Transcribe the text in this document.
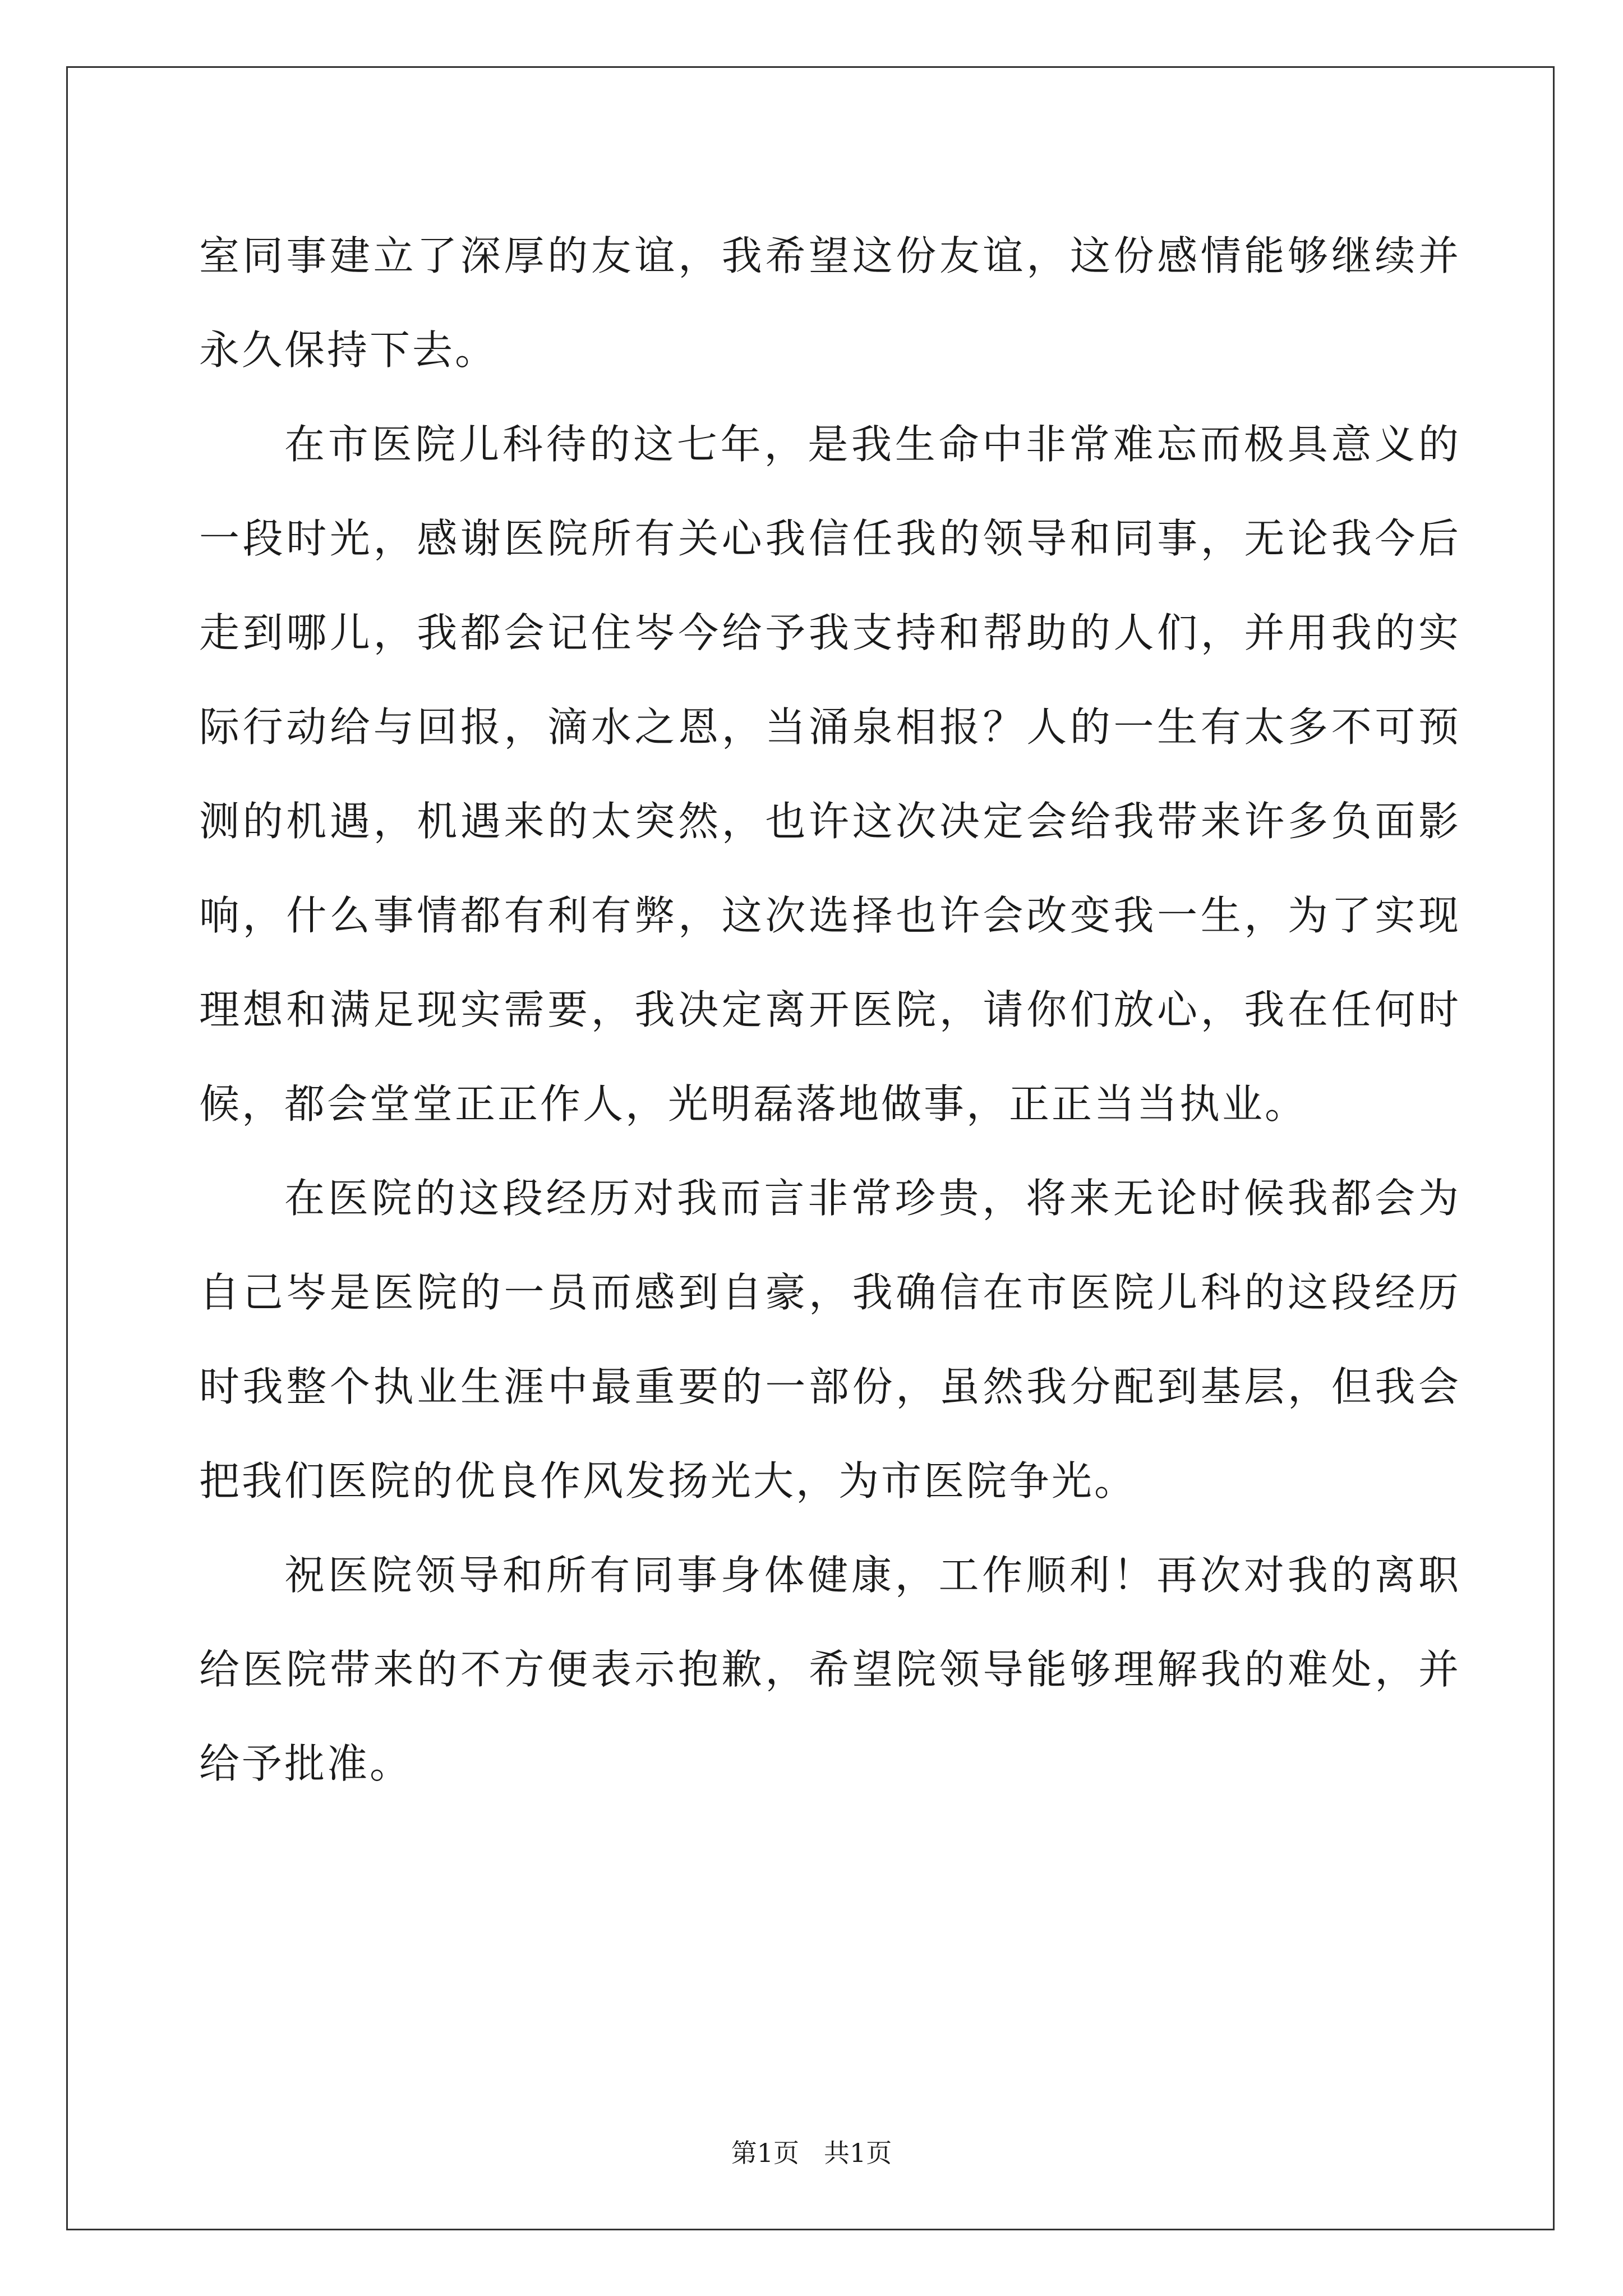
室同事建立了深厚的友谊，我希望这份友谊，这份感情能够继续并永久保持下去。

在市医院儿科待的这七年，是我生命中非常难忘而极具意义的一段时光，感谢医院所有关心我信任我的领导和同事，无论我今后走到哪儿，我都会记住岑今给予我支持和帮助的人们，并用我的实际行动给与回报，滴水之恩，当涌泉相报？人的一生有太多不可预测的机遇，机遇来的太突然，也许这次决定会给我带来许多负面影响，什么事情都有利有弊，这次选择也许会改变我一生，为了实现理想和满足现实需要，我决定离开医院，请你们放心，我在任何时候，都会堂堂正正作人，光明磊落地做事，正正当当执业。

在医院的这段经历对我而言非常珍贵，将来无论时候我都会为自己岑是医院的一员而感到自豪，我确信在市医院儿科的这段经历时我整个执业生涯中最重要的一部份，虽然我分配到基层，但我会把我们医院的优良作风发扬光大，为市医院争光。

祝医院领导和所有同事身体健康，工作顺利！再次对我的离职给医院带来的不方便表示抱歉，希望院领导能够理解我的难处，并给予批准。

第1页 共1页
